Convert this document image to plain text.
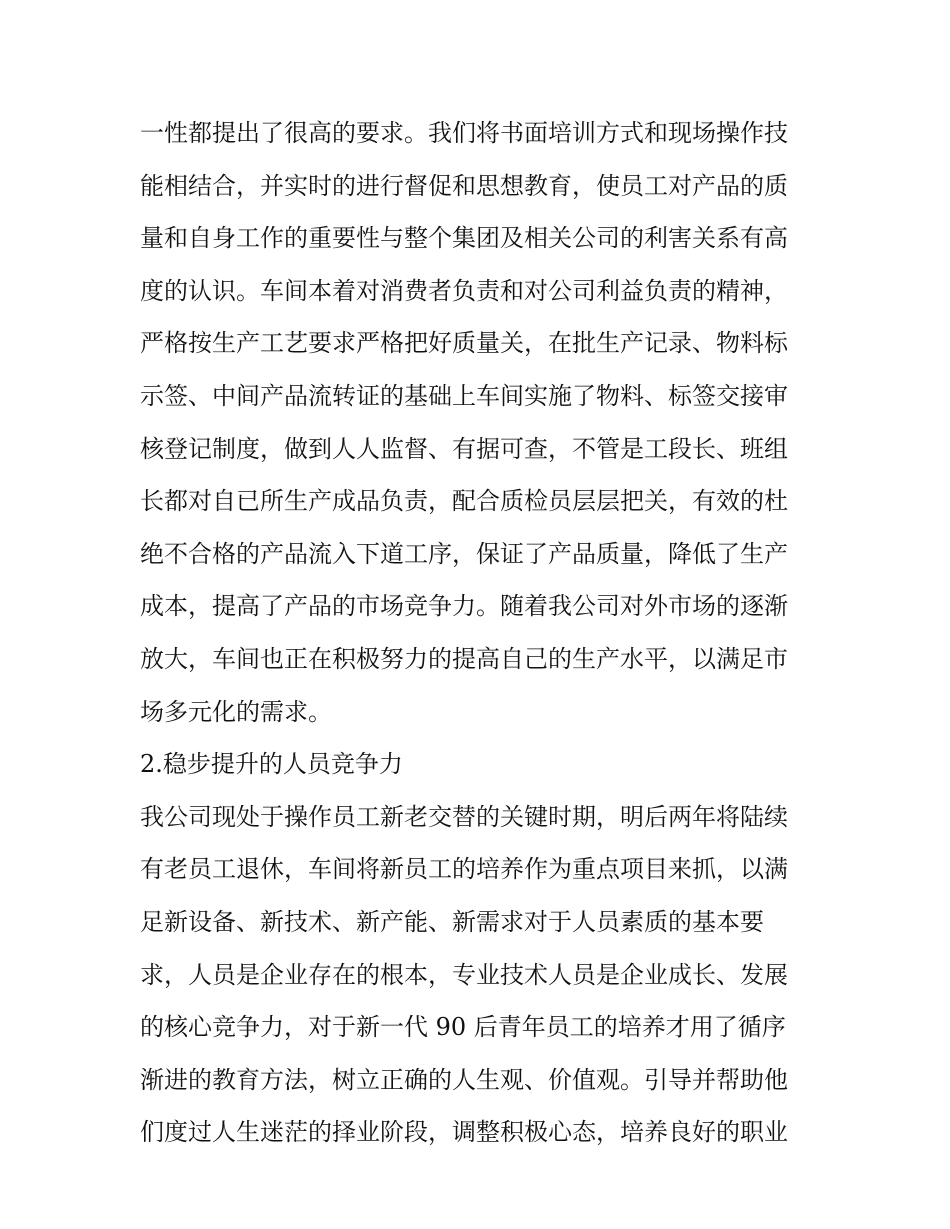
一性都提出了很高的要求。我们将书面培训方式和现场操作技
能相结合，并实时的进行督促和思想教育，使员工对产品的质
量和自身工作的重要性与整个集团及相关公司的利害关系有高
度的认识。车间本着对消费者负责和对公司利益负责的精神，
严格按生产工艺要求严格把好质量关，在批生产记录、物料标
示签、中间产品流转证的基础上车间实施了物料、标签交接审
核登记制度，做到人人监督、有据可查，不管是工段长、班组
长都对自已所生产成品负责，配合质检员层层把关，有效的杜
绝不合格的产品流入下道工序，保证了产品质量，降低了生产
成本，提高了产品的市场竞争力。随着我公司对外市场的逐渐
放大，车间也正在积极努力的提高自己的生产水平，以满足市
场多元化的需求。
2.稳步提升的人员竞争力
我公司现处于操作员工新老交替的关键时期，明后两年将陆续
有老员工退休，车间将新员工的培养作为重点项目来抓，以满
足新设备、新技术、新产能、新需求对于人员素质的基本要
求，人员是企业存在的根本，专业技术人员是企业成长、发展
的核心竞争力，对于新一代 90 后青年员工的培养才用了循序
渐进的教育方法，树立正确的人生观、价值观。引导并帮助他
们度过人生迷茫的择业阶段，调整积极心态，培养良好的职业
